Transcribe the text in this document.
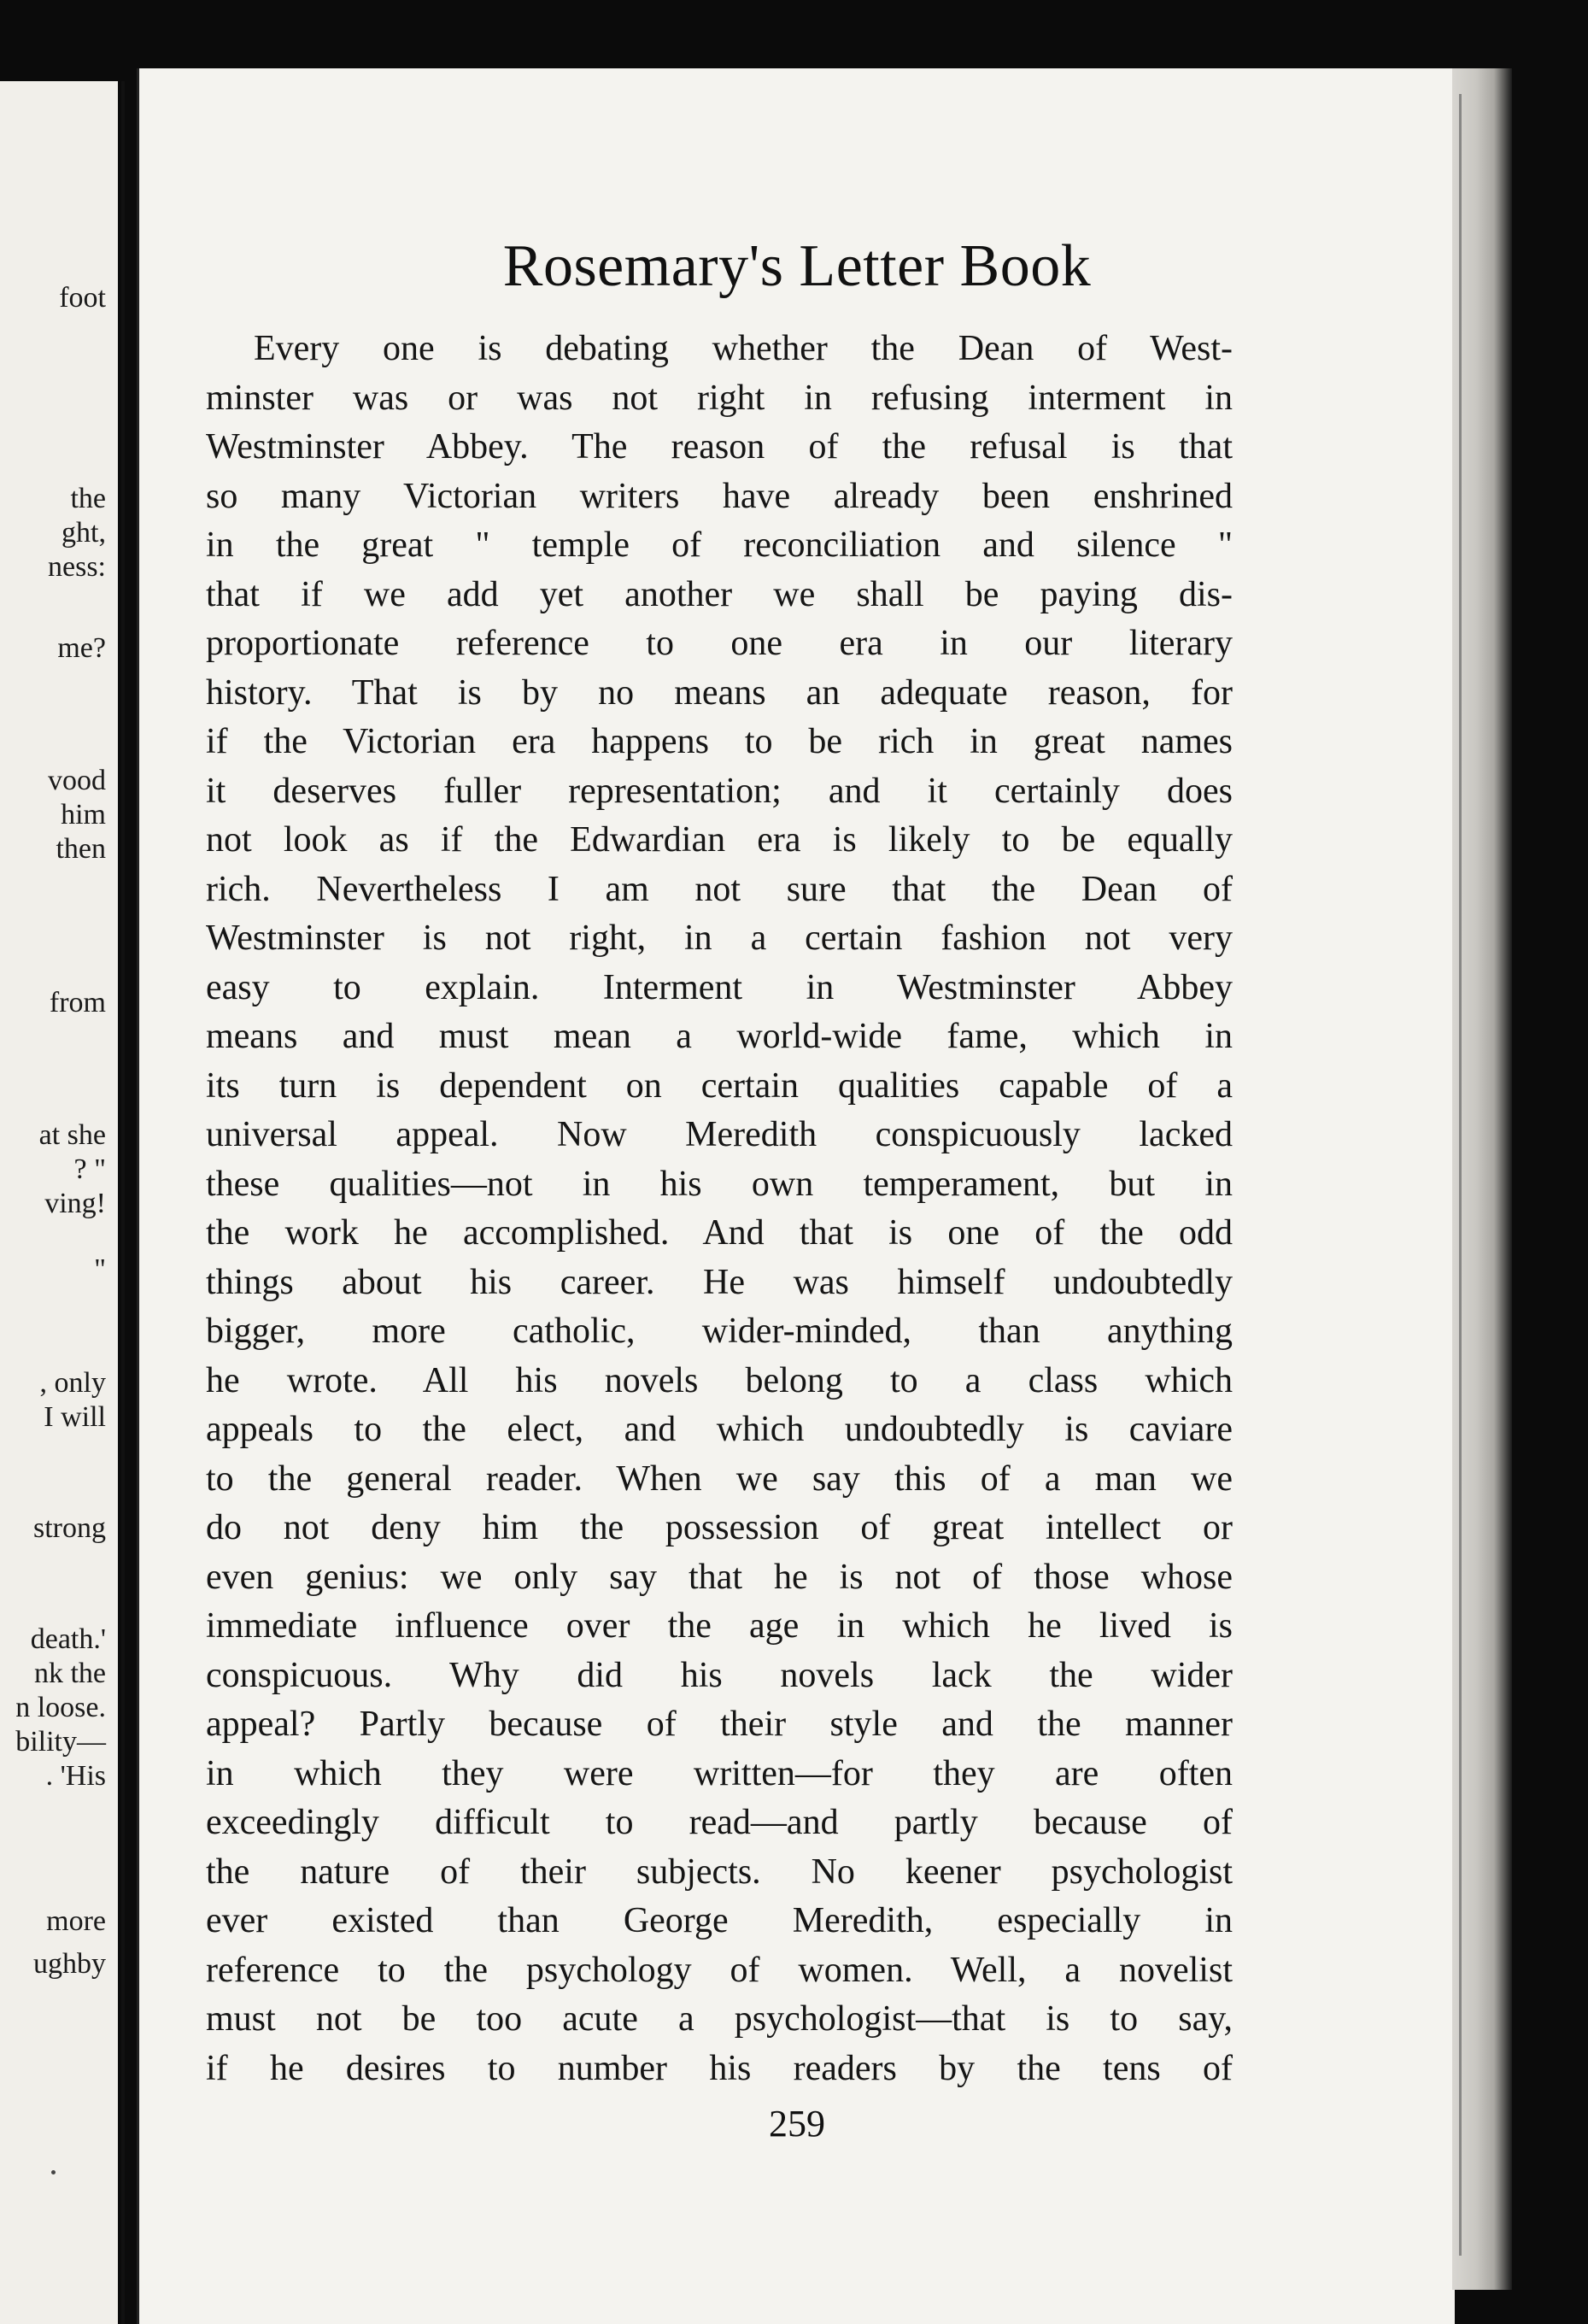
foot

the

ght,

ness:

me?

vood

him

then

from

at she

? "

ving!

"

, only

I will

strong

death.'

nk the

n loose.

bility—

. 'His

more

ughby

Rosemary's Letter Book
Every one is debating whether the Dean of West-
minster was or was not right in refusing interment in
Westminster Abbey. The reason of the refusal is that
so many Victorian writers have already been enshrined
in the great " temple of reconciliation and silence "
that if we add yet another we shall be paying dis-
proportionate reference to one era in our literary
history. That is by no means an adequate reason, for
if the Victorian era happens to be rich in great names
it deserves fuller representation; and it certainly does
not look as if the Edwardian era is likely to be equally
rich. Nevertheless I am not sure that the Dean of
Westminster is not right, in a certain fashion not very
easy to explain. Interment in Westminster Abbey
means and must mean a world-wide fame, which in
its turn is dependent on certain qualities capable of a
universal appeal. Now Meredith conspicuously lacked
these qualities—not in his own temperament, but in
the work he accomplished. And that is one of the odd
things about his career. He was himself undoubtedly
bigger, more catholic, wider-minded, than anything
he wrote. All his novels belong to a class which
appeals to the elect, and which undoubtedly is caviare
to the general reader. When we say this of a man we
do not deny him the possession of great intellect or
even genius: we only say that he is not of those whose
immediate influence over the age in which he lived is
conspicuous. Why did his novels lack the wider
appeal? Partly because of their style and the manner
in which they were written—for they are often
exceedingly difficult to read—and partly because of
the nature of their subjects. No keener psychologist
ever existed than George Meredith, especially in
reference to the psychology of women. Well, a novelist
must not be too acute a psychologist—that is to say,
if he desires to number his readers by the tens of
259
